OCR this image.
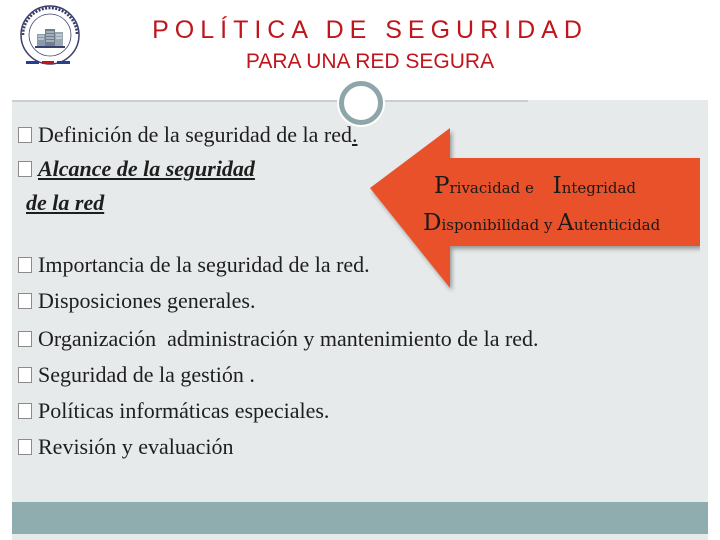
POLÍTICA DE SEGURIDAD
PARA UNA RED SEGURA
Privacidad e Integridad
Disponibilidad y Autenticidad
Definición de la seguridad de la red.
Alcance de la seguridad
Importancia de la seguridad de la red.
Disposiciones generales.
Organización  administración y mantenimiento de la red.
Seguridad de la gestión .
Políticas informáticas especiales.
Revisión y evaluación
de la red
